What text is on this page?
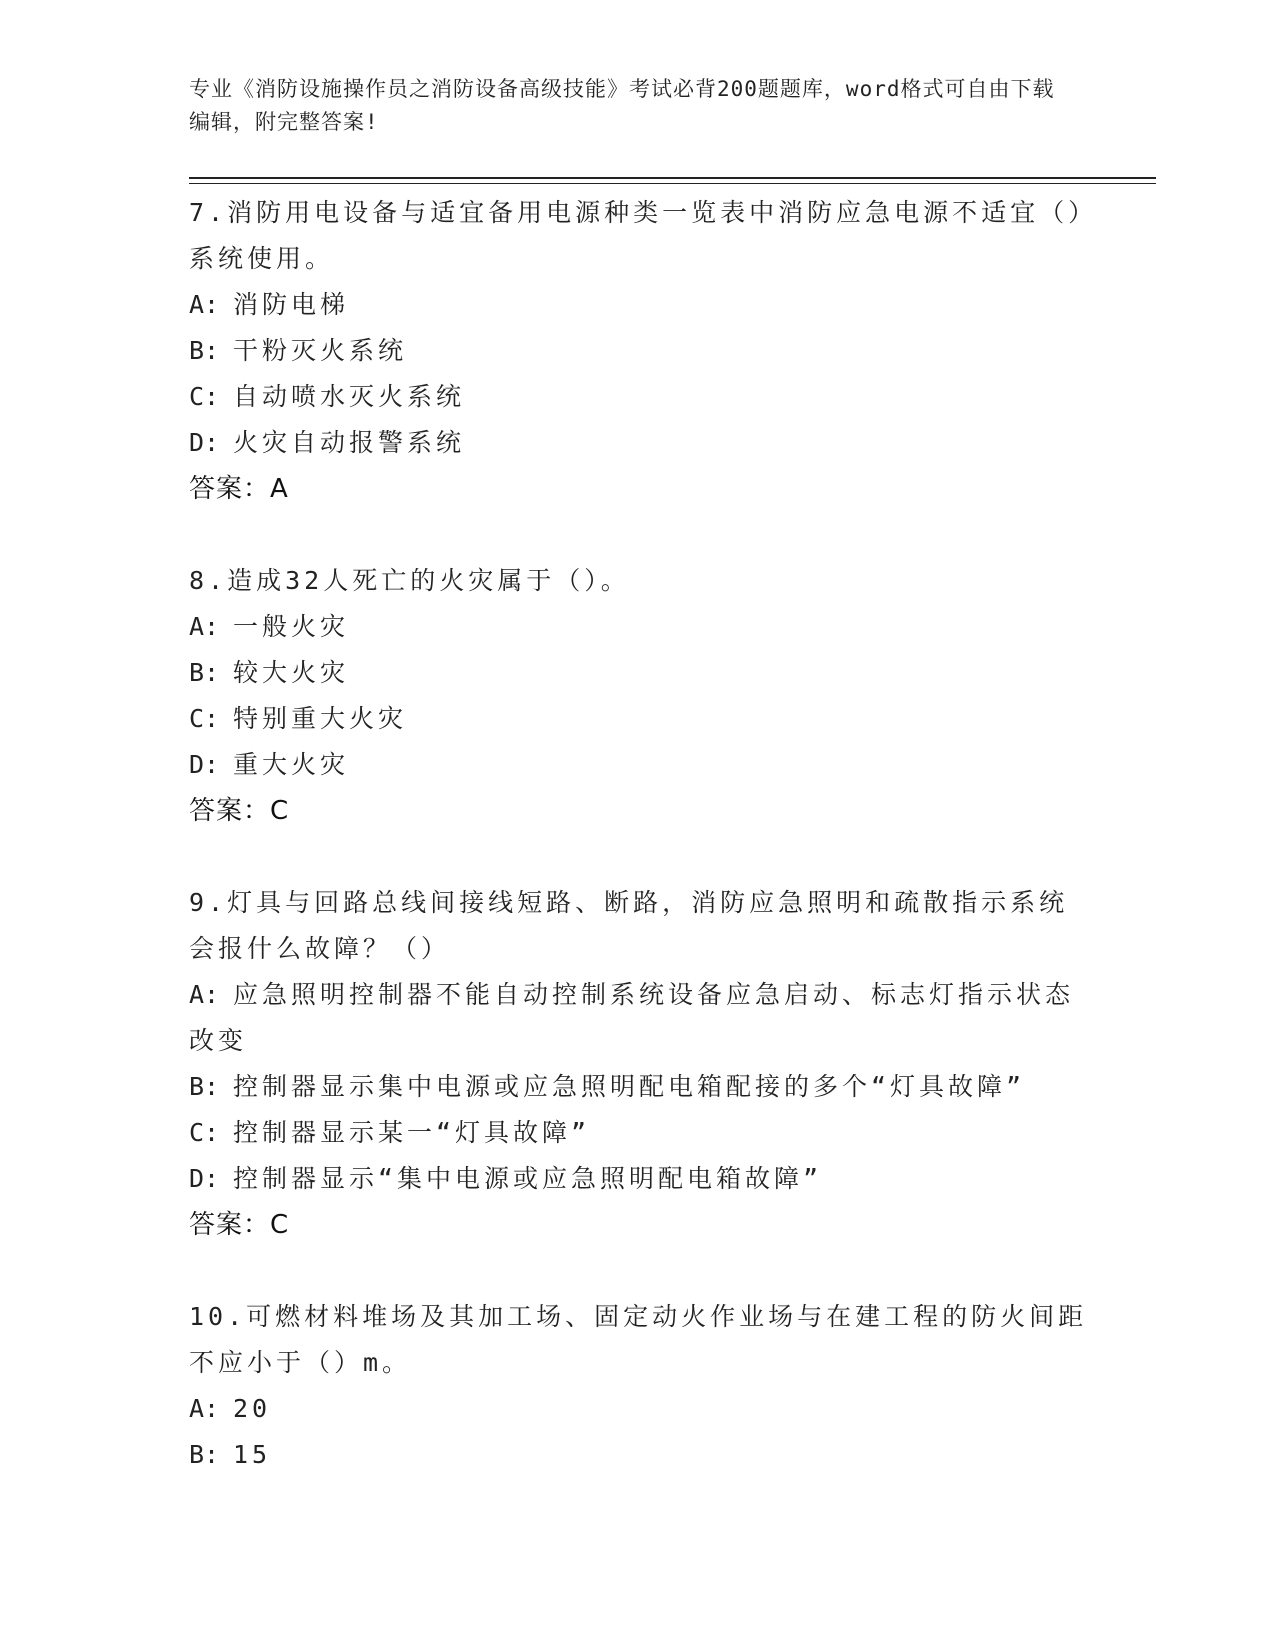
专业《消防设施操作员之消防设备高级技能》考试必背200题题库，word格式可自由下载编辑，附完整答案!

7.消防用电设备与适宜备用电源种类一览表中消防应急电源不适宜（）系统使用。

A: 消防电梯

B: 干粉灭火系统

C: 自动喷水灭火系统

D: 火灾自动报警系统

答案：A

8.造成32人死亡的火灾属于（）。

A: 一般火灾

B: 较大火灾

C: 特别重大火灾

D: 重大火灾

答案：C

9.灯具与回路总线间接线短路、断路，消防应急照明和疏散指示系统会报什么故障？（）

A: 应急照明控制器不能自动控制系统设备应急启动、标志灯指示状态改变

B: 控制器显示集中电源或应急照明配电箱配接的多个“灯具故障”

C: 控制器显示某一“灯具故障”

D: 控制器显示“集中电源或应急照明配电箱故障”

答案：C

10.可燃材料堆场及其加工场、固定动火作业场与在建工程的防火间距不应小于（）m。

A: 20

B: 15
